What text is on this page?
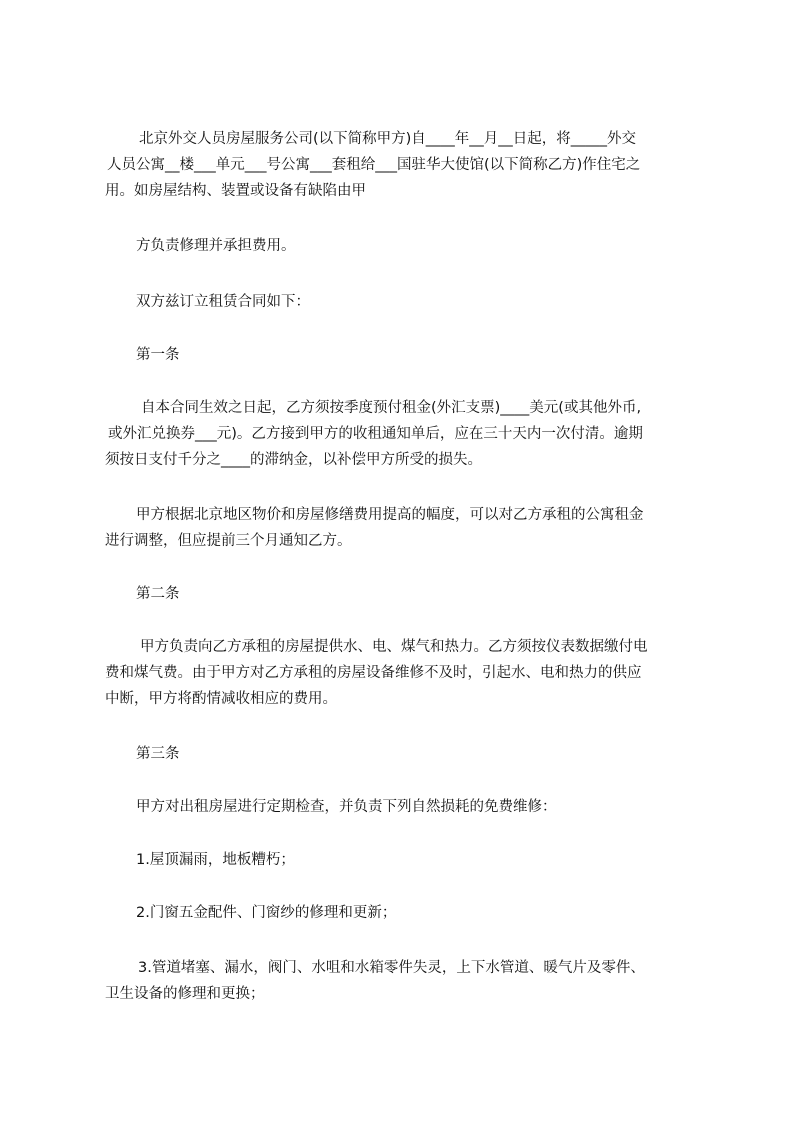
北京外交人员房屋服务公司(以下简称甲方)自____年__月__日起，将_____外交
人员公寓__楼___单元___号公寓___套租给___国驻华大使馆(以下简称乙方)作住宅之
用。如房屋结构、装置或设备有缺陷由甲
方负责修理并承担费用。
双方兹订立租赁合同如下：
第一条
自本合同生效之日起，乙方须按季度预付租金(外汇支票)____美元(或其他外币,
或外汇兑换券___元)。乙方接到甲方的收租通知单后，应在三十天内一次付清。逾期
须按日支付千分之____的滞纳金，以补偿甲方所受的损失。
甲方根据北京地区物价和房屋修缮费用提高的幅度，可以对乙方承租的公寓租金
进行调整，但应提前三个月通知乙方。
第二条
甲方负责向乙方承租的房屋提供水、电、煤气和热力。乙方须按仪表数据缴付电
费和煤气费。由于甲方对乙方承租的房屋设备维修不及时，引起水、电和热力的供应
中断，甲方将酌情减收相应的费用。
第三条
甲方对出租房屋进行定期检查，并负责下列自然损耗的免费维修：
1.屋顶漏雨，地板糟朽；
2.门窗五金配件、门窗纱的修理和更新；
3.管道堵塞、漏水，阀门、水咀和水箱零件失灵，上下水管道、暖气片及零件、
卫生设备的修理和更换；
